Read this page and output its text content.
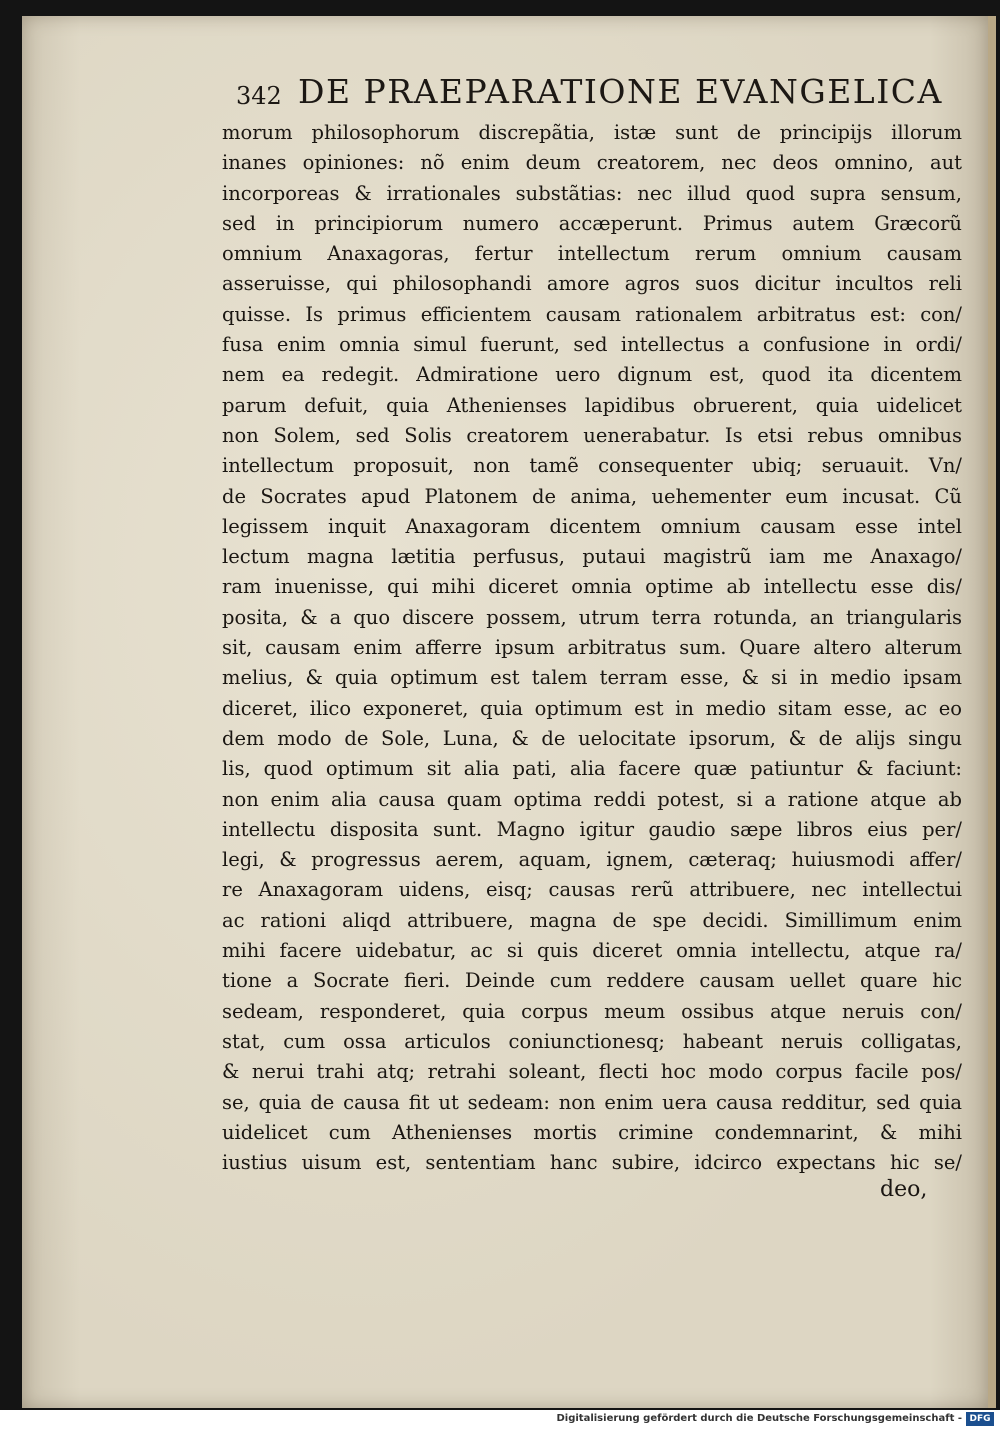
342 DE PRAEPARATIONE EVANGELICA
morum philosophorum discrepãtia, istæ sunt de principijs illorum
inanes opiniones: nõ enim deum creatorem, nec deos omnino, aut
incorporeas & irrationales substãtias: nec illud quod supra sensum,
sed in principiorum numero accæperunt. Primus autem Græcorũ
omnium Anaxagoras, fertur intellectum rerum omnium causam
asseruisse, qui philosophandi amore agros suos dicitur incultos reli
quisse. Is primus efficientem causam rationalem arbitratus est: con/
fusa enim omnia simul fuerunt, sed intellectus a confusione in ordi/
nem ea redegit. Admiratione uero dignum est, quod ita dicentem
parum defuit, quia Athenienses lapidibus obruerent, quia uidelicet
non Solem, sed Solis creatorem uenerabatur. Is etsi rebus omnibus
intellectum proposuit, non tamẽ consequenter ubiq; seruauit. Vn/
de Socrates apud Platonem de anima, uehementer eum incusat. Cũ
legissem inquit Anaxagoram dicentem omnium causam esse intel
lectum magna lætitia perfusus, putaui magistrũ iam me Anaxago/
ram inuenisse, qui mihi diceret omnia optime ab intellectu esse dis/
posita, & a quo discere possem, utrum terra rotunda, an triangularis
sit, causam enim afferre ipsum arbitratus sum. Quare altero alterum
melius, & quia optimum est talem terram esse, & si in medio ipsam
diceret, ilico exponeret, quia optimum est in medio sitam esse, ac eo
dem modo de Sole, Luna, & de uelocitate ipsorum, & de alijs singu
lis, quod optimum sit alia pati, alia facere quæ patiuntur & faciunt:
non enim alia causa quam optima reddi potest, si a ratione atque ab
intellectu disposita sunt. Magno igitur gaudio sæpe libros eius per/
legi, & progressus aerem, aquam, ignem, cæteraq; huiusmodi affer/
re Anaxagoram uidens, eisq; causas rerũ attribuere, nec intellectui
ac rationi aliqd attribuere, magna de spe decidi. Simillimum enim
mihi facere uidebatur, ac si quis diceret omnia intellectu, atque ra/
tione a Socrate fieri. Deinde cum reddere causam uellet quare hic
sedeam, responderet, quia corpus meum ossibus atque neruis con/
stat, cum ossa articulos coniunctionesq; habeant neruis colligatas,
& nerui trahi atq; retrahi soleant, flecti hoc modo corpus facile pos/
se, quia de causa fit ut sedeam: non enim uera causa redditur, sed quia
uidelicet cum Athenienses mortis crimine condemnarint, & mihi
iustius uisum est, sententiam hanc subire, idcirco expectans hic se/
deo,
Digitalisierung gefördert durch die Deutsche Forschungsgemeinschaft - DFG
